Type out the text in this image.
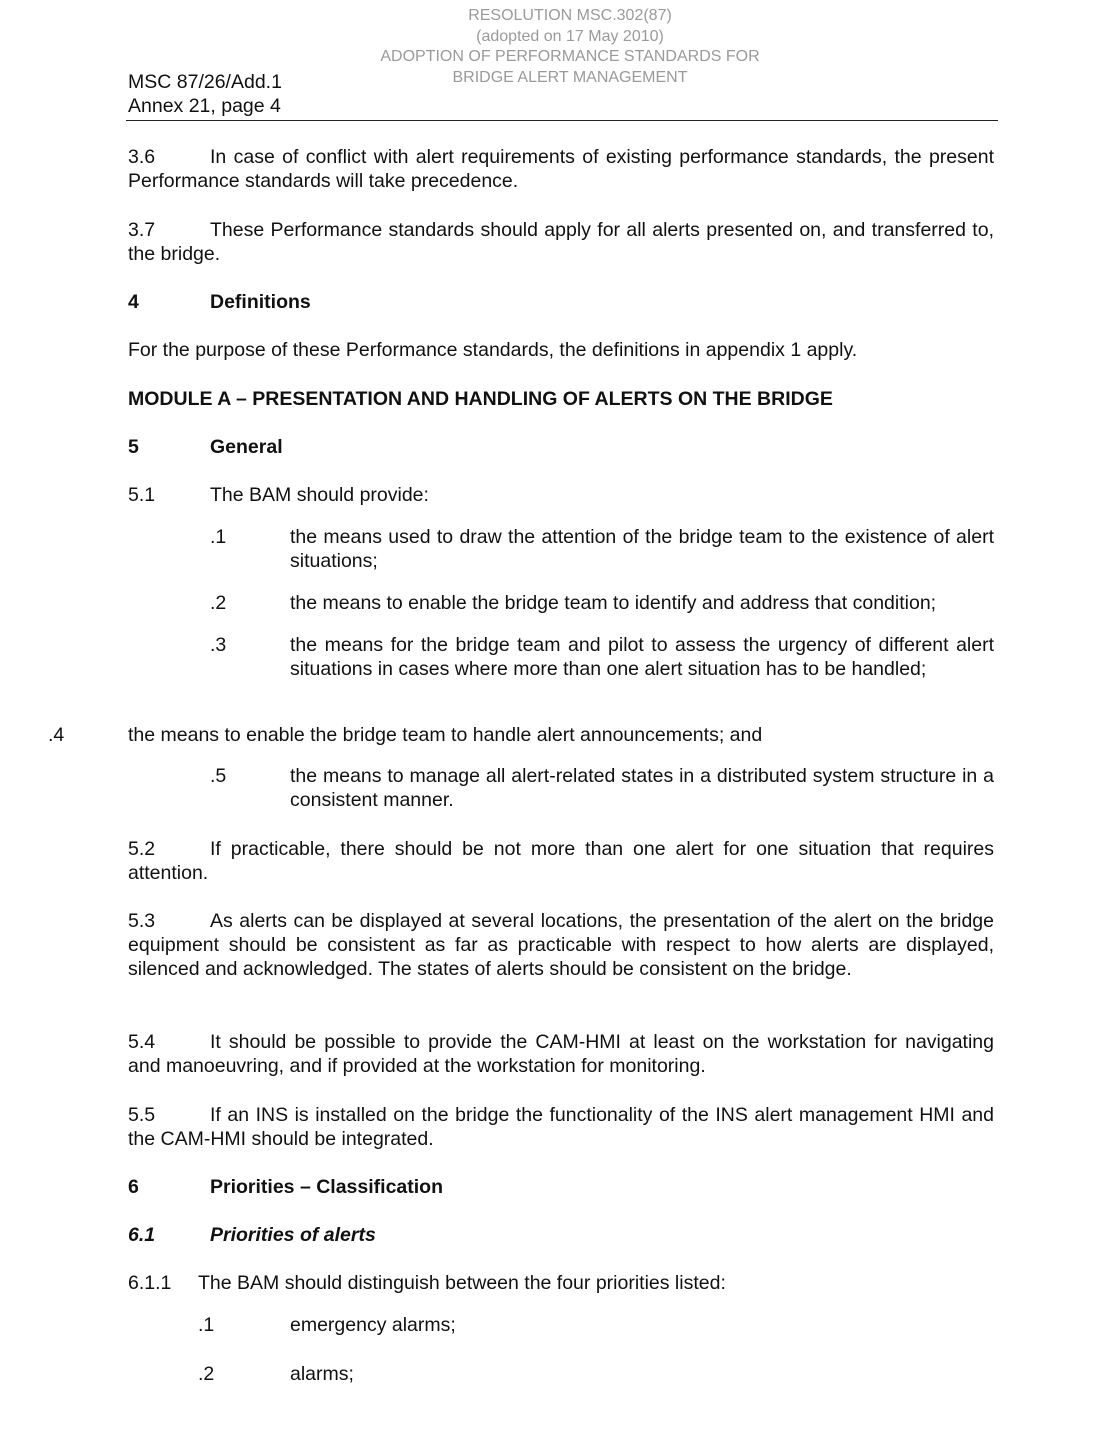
RESOLUTION MSC.302(87)
(adopted on 17 May 2010)
ADOPTION OF PERFORMANCE STANDARDS FOR
BRIDGE ALERT MANAGEMENT
MSC 87/26/Add.1
Annex 21, page 4
3.6	In case of conflict with alert requirements of existing performance standards, the present Performance standards will take precedence.
3.7	These Performance standards should apply for all alerts presented on, and transferred to, the bridge.
4	Definitions
For the purpose of these Performance standards, the definitions in appendix 1 apply.
MODULE A – PRESENTATION AND HANDLING OF ALERTS ON THE BRIDGE
5	General
5.1	The BAM should provide:
.1	the means used to draw the attention of the bridge team to the existence of alert situations;
.2	the means to enable the bridge team to identify and address that condition;
.3	the means for the bridge team and pilot to assess the urgency of different alert situations in cases where more than one alert situation has to be handled;
.4	the means to enable the bridge team to handle alert announcements; and
.5	the means to manage all alert-related states in a distributed system structure in a consistent manner.
5.2	If practicable, there should be not more than one alert for one situation that requires attention.
5.3	As alerts can be displayed at several locations, the presentation of the alert on the bridge equipment should be consistent as far as practicable with respect to how alerts are displayed, silenced and acknowledged. The states of alerts should be consistent on the bridge.
5.4	It should be possible to provide the CAM-HMI at least on the workstation for navigating and manoeuvring, and if provided at the workstation for monitoring.
5.5	If an INS is installed on the bridge the functionality of the INS alert management HMI and the CAM-HMI should be integrated.
6	Priorities – Classification
6.1	Priorities of alerts
6.1.1 The BAM should distinguish between the four priorities listed:
.1	emergency alarms;
.2	alarms;
